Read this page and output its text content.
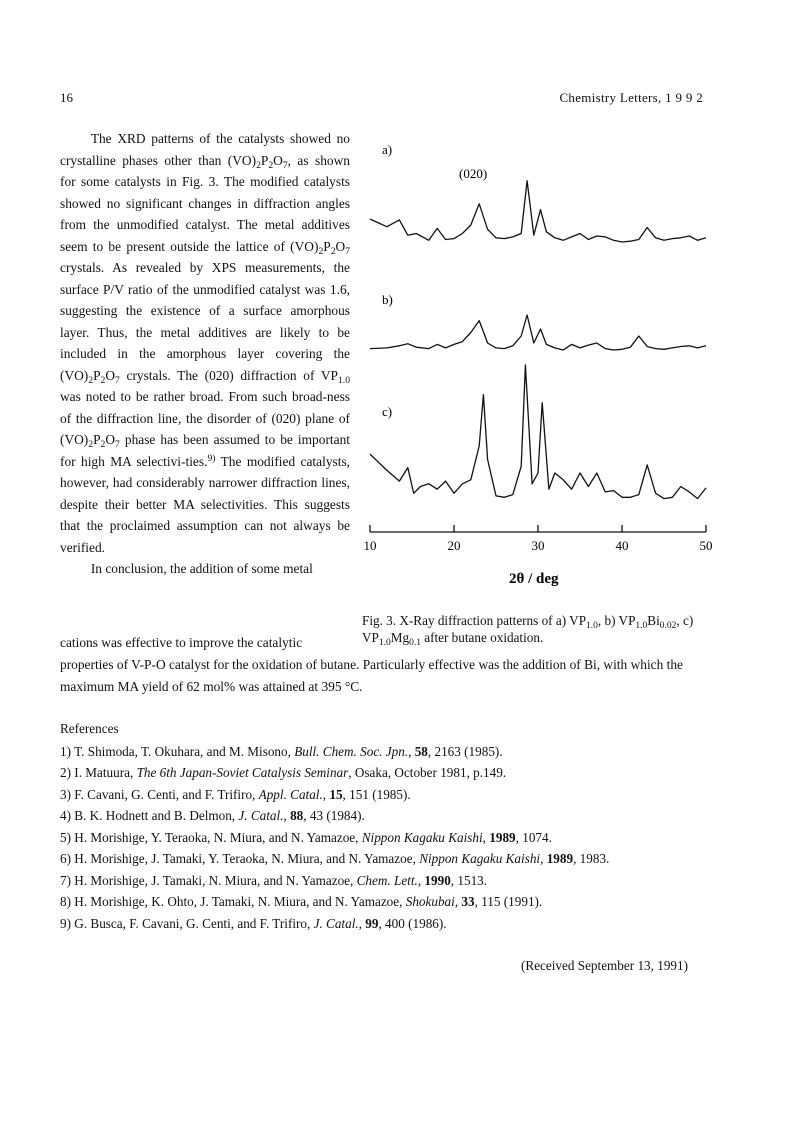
16	Chemistry Letters, 1 9 9 2

The XRD patterns of the catalysts showed no crystalline phases other than $(VO)_2P_2O_7$, as shown for some catalysts in Fig. 3. The modified catalysts showed no significant changes in diffraction angles from the unmodified catalyst. The metal additives seem to be present outside the lattice of $(VO)_2P_2O_7$ crystals. As revealed by XPS measurements, the surface P/V ratio of the unmodified catalyst was 1.6, suggesting the existence of a surface amorphous layer. Thus, the metal additives are likely to be included in the amorphous layer covering the $(VO)_2P_2O_7$ crystals. The (020) diffraction of $VP_{1.0}$ was noted to be rather broad. From such broad-ness of the diffraction line, the disorder of (020) plane of $(VO)_2P_2O_7$ phase has been assumed to be important for high MA selectivi-ties.$^{9)}$ The modified catalysts, however, had considerably narrower diffraction lines, despite their better MA selectivities. This suggests that the proclaimed assumption can not always be verified.

In conclusion, the addition of some metal

cations was effective to improve the catalytic
properties of V-P-O catalyst for the oxidation of butane. Particularly effective was the addition of Bi, with which the maximum MA yield of 62 mol% was attained at 395 °C.
a)
b)
c)
(020)
10	20	30	40	50
2θ / deg
Fig. 3. X-Ray diffraction patterns of a) $VP_{1.0}$, b) $VP_{1.0}Bi_{0.02}$, c) $VP_{1.0}Mg_{0.1}$ after butane oxidation.
References
1) T. Shimoda, T. Okuhara, and M. Misono, Bull. Chem. Soc. Jpn., 58, 2163 (1985).
2) I. Matuura, The 6th Japan-Soviet Catalysis Seminar, Osaka, October 1981, p.149.
3) F. Cavani, G. Centi, and F. Trifiro, Appl. Catal., 15, 151 (1985).
4) B. K. Hodnett and B. Delmon, J. Catal., 88, 43 (1984).
5) H. Morishige, Y. Teraoka, N. Miura, and N. Yamazoe, Nippon Kagaku Kaishi, 1989, 1074.
6) H. Morishige, J. Tamaki, Y. Teraoka, N. Miura, and N. Yamazoe, Nippon Kagaku Kaishi, 1989, 1983.
7) H. Morishige, J. Tamaki, N. Miura, and N. Yamazoe, Chem. Lett., 1990, 1513.
8) H. Morishige, K. Ohto, J. Tamaki, N. Miura, and N. Yamazoe, Shokubai, 33, 115 (1991).
9) G. Busca, F. Cavani, G. Centi, and F. Trifiro, J. Catal., 99, 400 (1986).
(Received September 13, 1991)
